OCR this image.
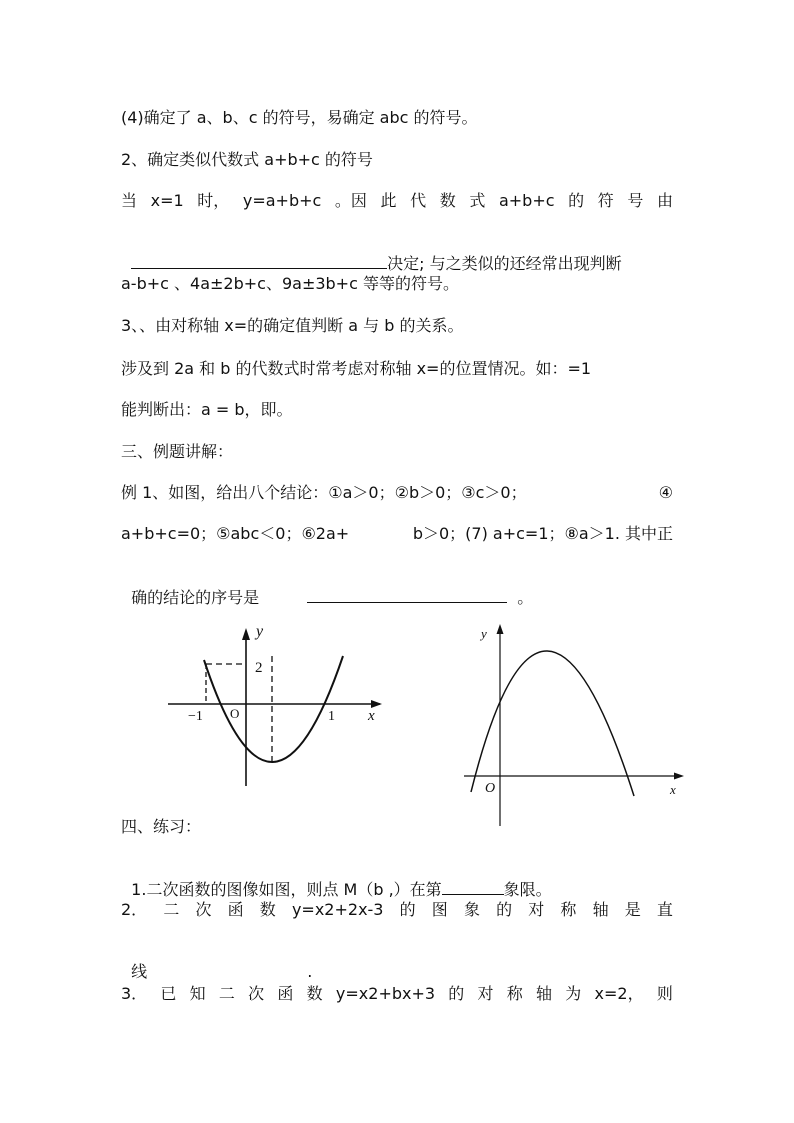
(4)确定了 a、b、c 的符号，易确定 abc 的符号。
2、确定类似代数式 a+b+c 的符号
当 x=1 时， y=a+b+c 。因 此 代 数 式 a+b+c 的 符 号 由

决定; 与之类似的还经常出现判断

a-b+c 、4a±2b+c、9a±3b+c 等等的符号。
3、、由对称轴 x=的确定值判断 a 与 b 的关系。
涉及到 2a 和 b 的代数式时常考虑对称轴 x=的位置情况。如：=1
能判断出：a = b，即。
三、例题讲解：
例 1、如图，给出八个结论：①a＞0；②b＞0；③c＞0；	④
a+b+c=0；⑤abc＜0；⑥2a+	b＞0；(7) a+c=1；⑧a＞1. 其中正

确的结论的序号是	。

y
x
2
−1	1
O
y
x
O
四、练习：

1.二次函数的图像如图，则点 M（b ,）在第	象限。

2． 二 次 函 数 y=x2+2x-3 的 图 象 的 对 称 轴 是 直

线	.

3． 已 知 二 次 函 数 y=x2+bx+3 的 对 称 轴 为 x=2， 则
